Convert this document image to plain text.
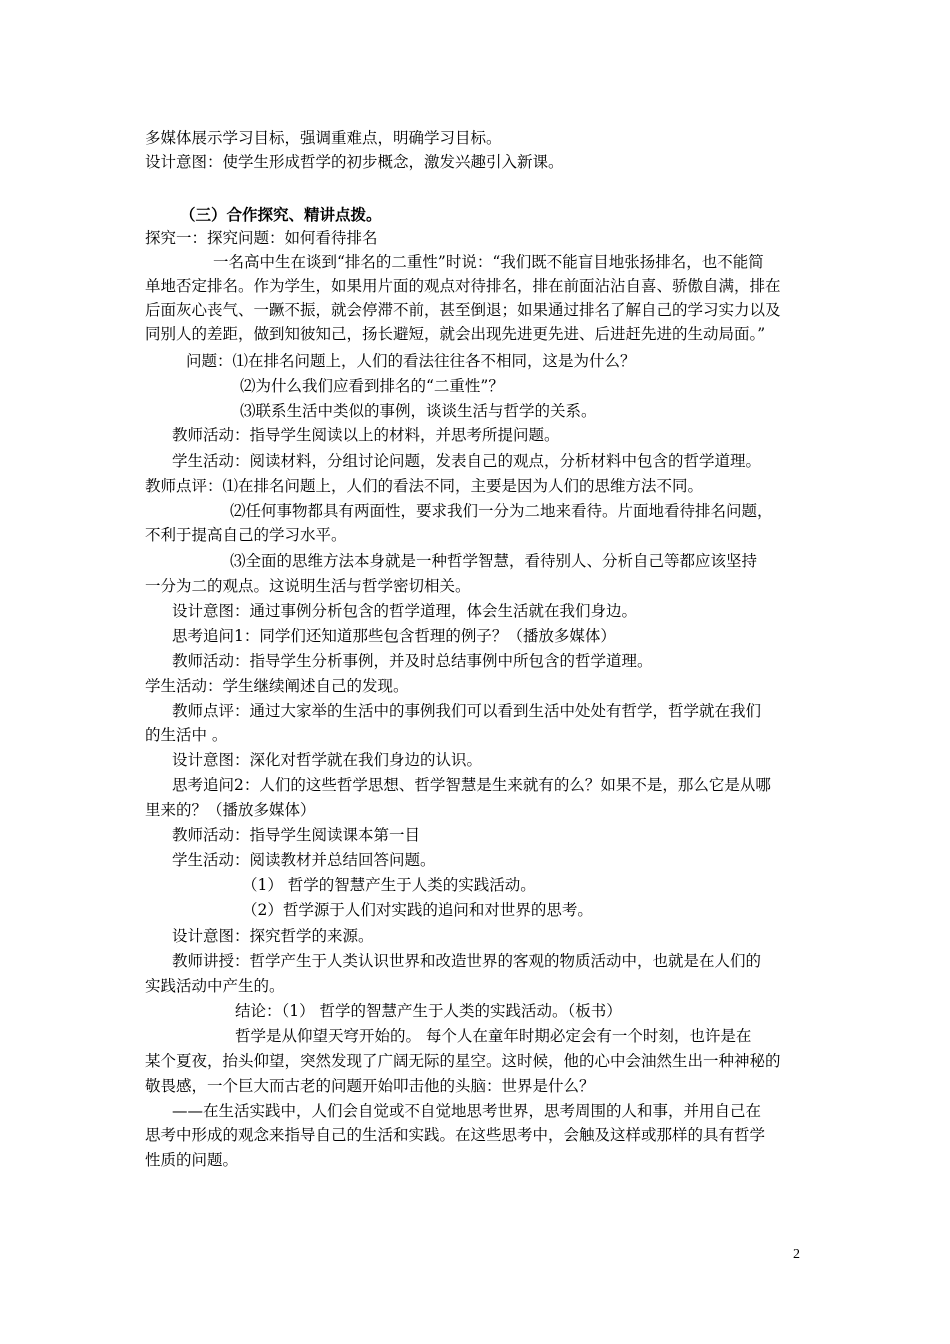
多媒体展示学习目标，强调重难点，明确学习目标。
设计意图：使学生形成哲学的初步概念，激发兴趣引入新课。
（三）合作探究、精讲点拨。
探究一：探究问题：如何看待排名
一名高中生在谈到“排名的二重性”时说：“我们既不能盲目地张扬排名，也不能简
单地否定排名。作为学生，如果用片面的观点对待排名，排在前面沾沾自喜、骄傲自满，排在
后面灰心丧气、一蹶不振，就会停滞不前，甚至倒退；如果通过排名了解自己的学习实力以及
同别人的差距，做到知彼知己，扬长避短，就会出现先进更先进、后进赶先进的生动局面。”
问题：⑴在排名问题上，人们的看法往往各不相同，这是为什么？
⑵为什么我们应看到排名的“二重性”？
⑶联系生活中类似的事例，谈谈生活与哲学的关系。
教师活动：指导学生阅读以上的材料，并思考所提问题。
学生活动：阅读材料，分组讨论问题，发表自己的观点，分析材料中包含的哲学道理。
教师点评：⑴在排名问题上，人们的看法不同，主要是因为人们的思维方法不同。
⑵任何事物都具有两面性，要求我们一分为二地来看待。片面地看待排名问题，
不利于提高自己的学习水平。
⑶全面的思维方法本身就是一种哲学智慧，看待别人、分析自己等都应该坚持
一分为二的观点。这说明生活与哲学密切相关。
设计意图：通过事例分析包含的哲学道理，体会生活就在我们身边。
思考追问1：同学们还知道那些包含哲理的例子？（播放多媒体）
教师活动：指导学生分析事例，并及时总结事例中所包含的哲学道理。
学生活动：学生继续阐述自己的发现。
教师点评：通过大家举的生活中的事例我们可以看到生活中处处有哲学，哲学就在我们
的生活中 。
设计意图：深化对哲学就在我们身边的认识。
思考追问2：人们的这些哲学思想、哲学智慧是生来就有的么？如果不是，那么它是从哪
里来的？（播放多媒体）
教师活动：指导学生阅读课本第一目
学生活动：阅读教材并总结回答问题。
（1） 哲学的智慧产生于人类的实践活动。
（2）哲学源于人们对实践的追问和对世界的思考。
设计意图：探究哲学的来源。
教师讲授：哲学产生于人类认识世界和改造世界的客观的物质活动中，也就是在人们的
实践活动中产生的。
结论：（1） 哲学的智慧产生于人类的实践活动。（板书）
哲学是从仰望天穹开始的。 每个人在童年时期必定会有一个时刻，也许是在
某个夏夜，抬头仰望，突然发现了广阔无际的星空。这时候，他的心中会油然生出一种神秘的
敬畏感，一个巨大而古老的问题开始叩击他的头脑：世界是什么？
——在生活实践中，人们会自觉或不自觉地思考世界，思考周围的人和事，并用自己在
思考中形成的观念来指导自己的生活和实践。在这些思考中，会触及这样或那样的具有哲学
性质的问题。
2
